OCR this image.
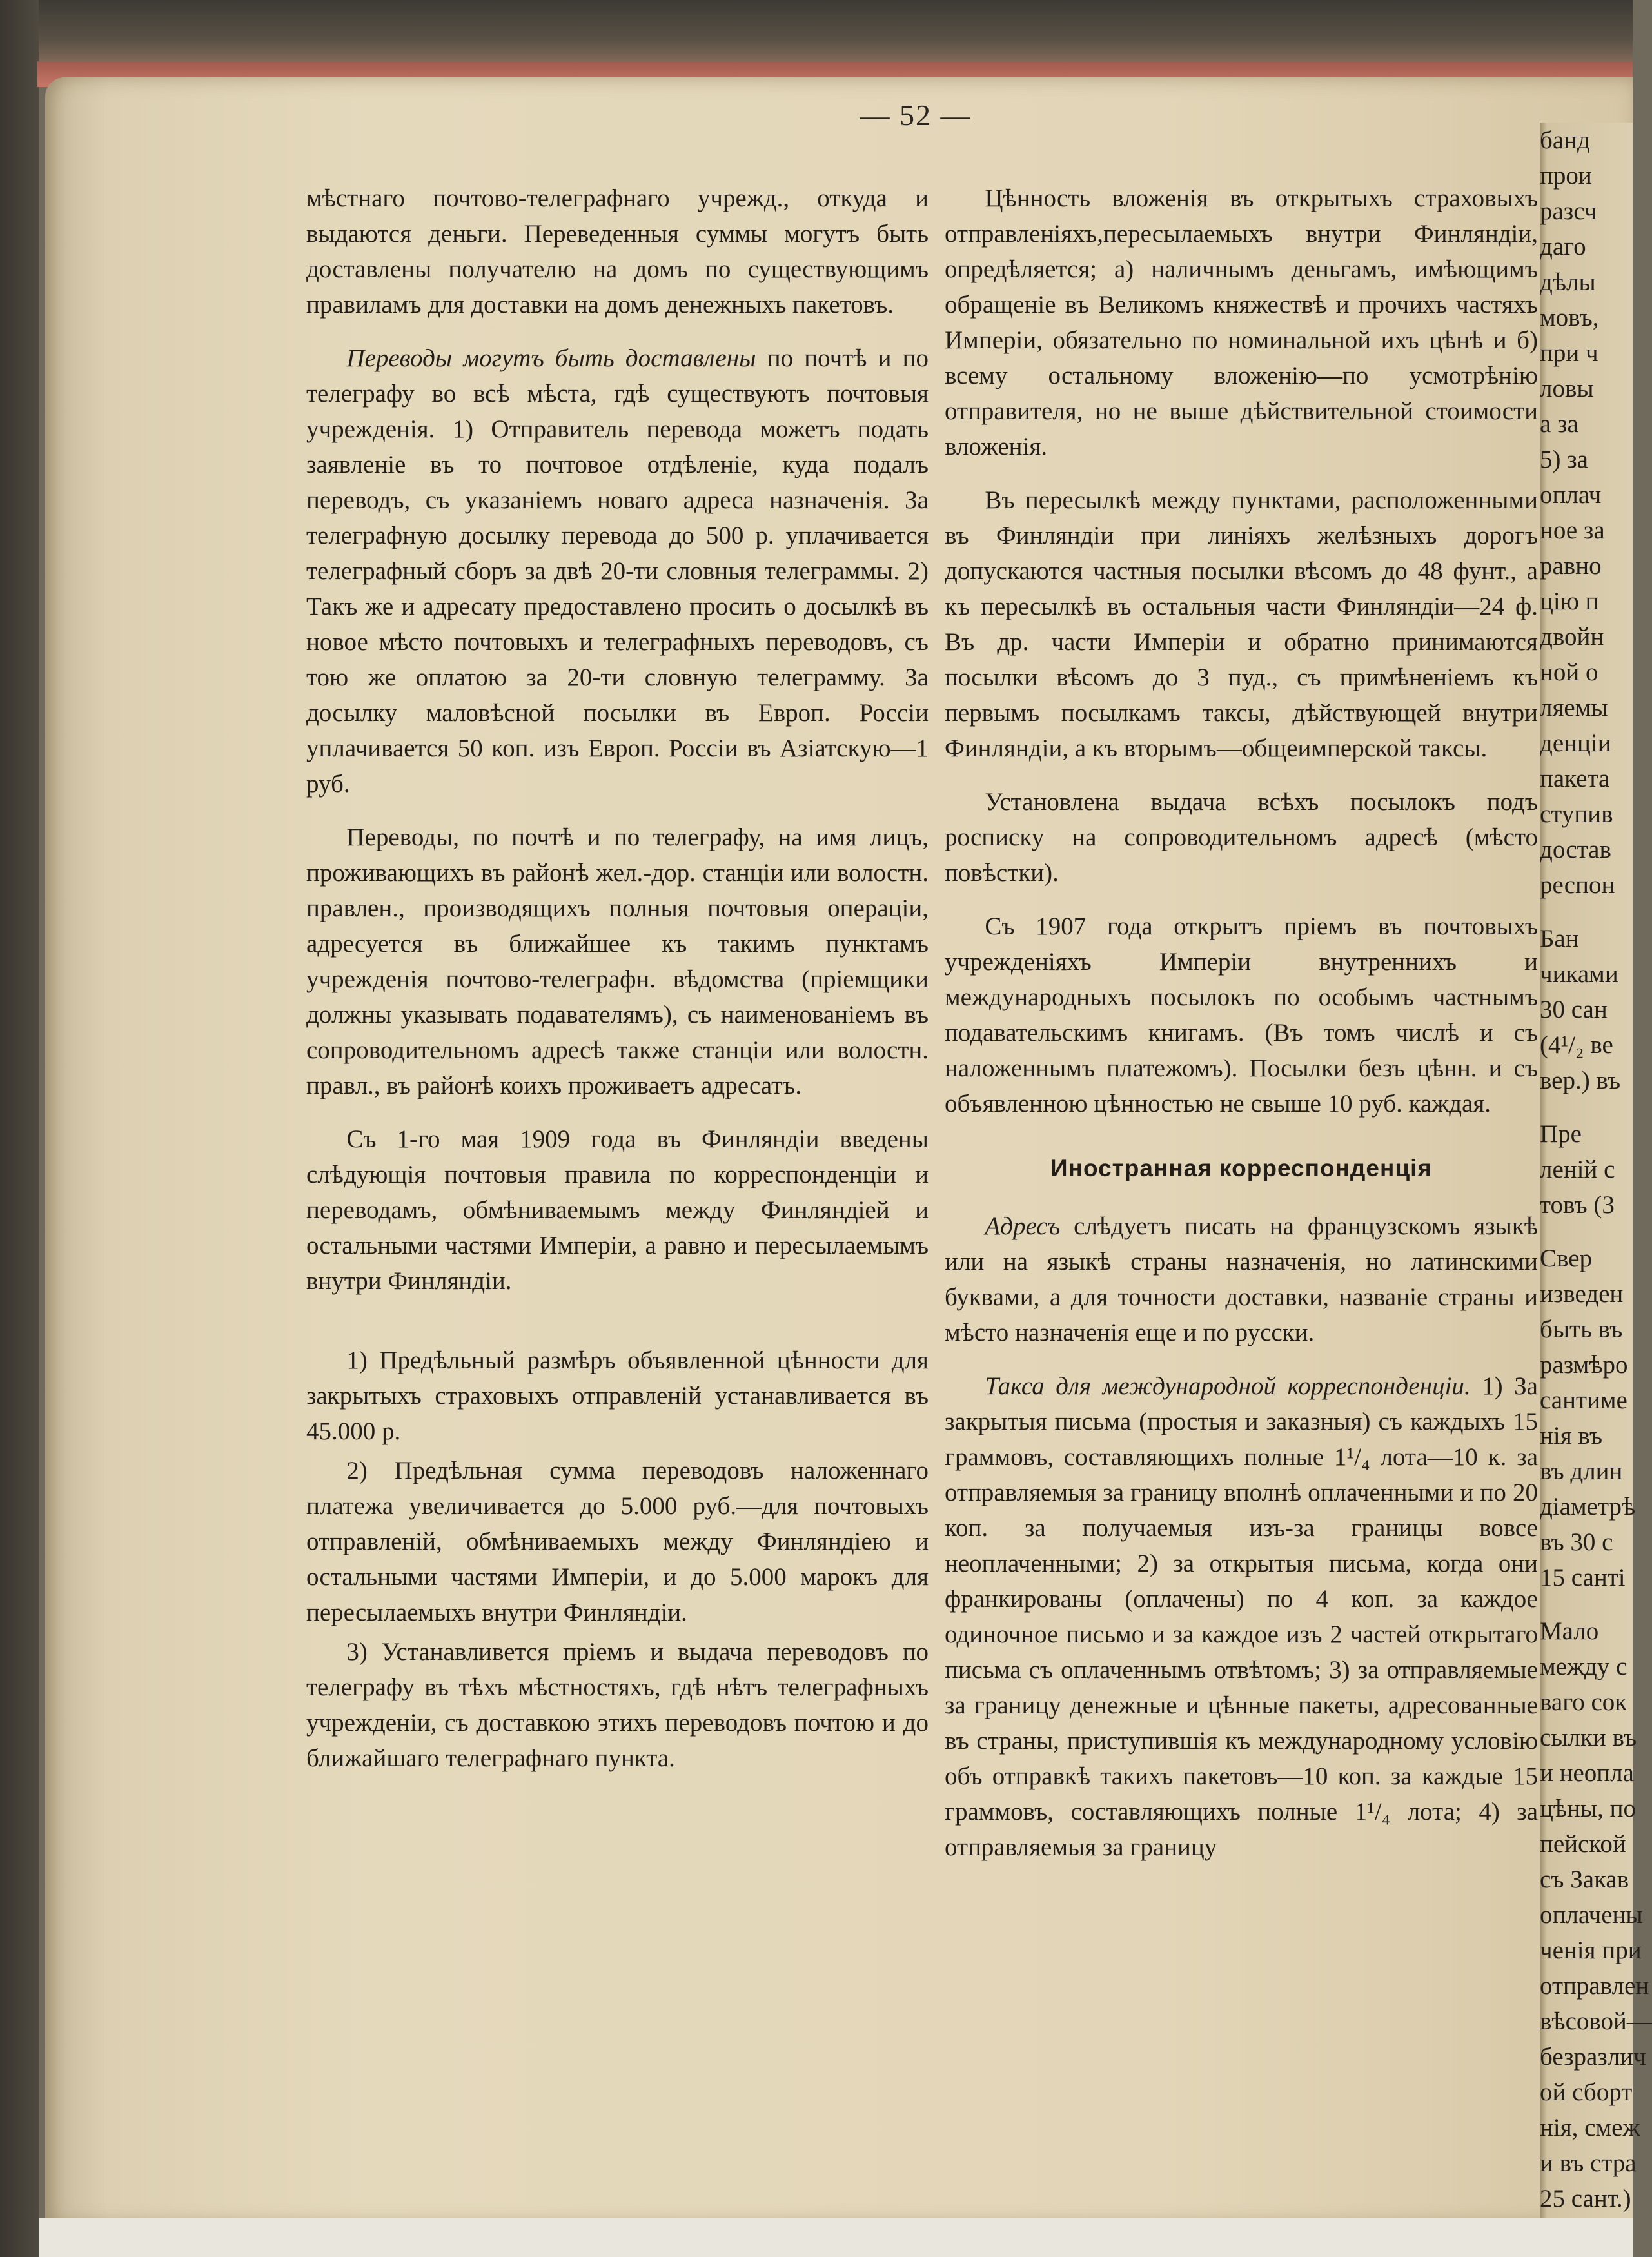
— 52 —

мѣстнаго почтово-телеграфнаго учрежд., откуда и выдаются деньги. Переведенныя суммы могутъ быть доставлены получателю на домъ по существующимъ правиламъ для доставки на домъ денежныхъ пакетовъ.

Переводы могутъ быть доставлены по почтѣ и по телеграфу во всѣ мѣста, гдѣ существуютъ почтовыя учрежденія. 1) Отправитель перевода можетъ подать заявленіе въ то почтовое отдѣленіе, куда подалъ переводъ, съ указаніемъ новаго адреса назначенія. За телеграфную досылку перевода до 500 р. уплачивается телеграфный сборъ за двѣ 20-ти словныя телеграммы. 2) Такъ же и адресату предоставлено просить о досылкѣ въ новое мѣсто почтовыхъ и телеграфныхъ переводовъ, съ тою же оплатою за 20-ти словную телеграмму. За досылку маловѣсной посылки въ Европ. Россіи уплачивается 50 коп. изъ Европ. Россіи въ Азіатскую—1 руб.

Переводы, по почтѣ и по телеграфу, на имя лицъ, проживающихъ въ районѣ жел.-дор. станціи или волостн. правлен., производящихъ полныя почтовыя операціи, адресуется въ ближайшее къ такимъ пунктамъ учрежденія почтово-телеграфн. вѣдомства (пріемщики должны указывать подавателямъ), съ наименованіемъ въ сопроводительномъ адресѣ также станціи или волостн. правл., въ районѣ коихъ проживаетъ адресатъ.

Съ 1-го мая 1909 года въ Финляндіи введены слѣдующія почтовыя правила по корреспонденціи и переводамъ, обмѣниваемымъ между Финляндіей и остальными частями Имперіи, а равно и пересылаемымъ внутри Финляндіи.

1) Предѣльный размѣръ объявленной цѣнности для закрытыхъ страховыхъ отправленій устанавливается въ 45.000 р.

2) Предѣльная сумма переводовъ наложеннаго платежа увеличивается до 5.000 руб.—для почтовыхъ отправленій, обмѣниваемыхъ между Финляндіею и остальными частями Имперіи, и до 5.000 марокъ для пересылаемыхъ внутри Финляндіи.

3) Устанавливется пріемъ и выдача переводовъ по телеграфу въ тѣхъ мѣстностяхъ, гдѣ нѣтъ телеграфныхъ учрежденіи, съ доставкою этихъ переводовъ почтою и до ближайшаго телеграфнаго пункта.

Цѣнность вложенія въ открытыхъ страховыхъ отправленіяхъ,пересылаемыхъ внутри Финляндіи, опредѣляется; а) наличнымъ деньгамъ, имѣющимъ обращеніе въ Великомъ княжествѣ и прочихъ частяхъ Имперіи, обязательно по номинальной ихъ цѣнѣ и б) всему остальному вложенію—по усмотрѣнію отправителя, но не выше дѣйствительной стоимости вложенія.

Въ пересылкѣ между пунктами, расположенными въ Финляндіи при линіяхъ желѣзныхъ дорогъ допускаются частныя посылки вѣсомъ до 48 фунт., а къ пересылкѣ въ остальныя части Финляндіи—24 ф. Въ др. части Имперіи и обратно принимаются посылки вѣсомъ до 3 пуд., съ примѣненіемъ къ первымъ посылкамъ таксы, дѣйствующей внутри Финляндіи, а къ вторымъ—общеимперской таксы.

Установлена выдача всѣхъ посылокъ подъ росписку на сопроводительномъ адресѣ (мѣсто повѣстки).

Съ 1907 года открытъ пріемъ въ почтовыхъ учрежденіяхъ Имперіи внутреннихъ и международныхъ посылокъ по особымъ частнымъ подавательскимъ книгамъ. (Въ томъ числѣ и съ наложеннымъ платежомъ). Посылки безъ цѣнн. и съ объявленною цѣнностью не свыше 10 руб. каждая.

Иностранная корреспонденція

Адресъ слѣдуетъ писать на французскомъ языкѣ или на языкѣ страны назначенія, но латинскими буквами, а для точности доставки, названіе страны и мѣсто назначенія еще и по русски.

Такса для международной корреспонденціи. 1) За закрытыя письма (простыя и заказныя) съ каждыхъ 15 граммовъ, составляющихъ полные 1¹/₄ лота—10 к. за отправляемыя за границу вполнѣ оплаченными и по 20 коп. за получаемыя изъ-за границы вовсе неоплаченными; 2) за открытыя письма, когда они франкированы (оплачены) по 4 коп. за каждое одиночное письмо и за каждое изъ 2 частей открытаго письма съ оплаченнымъ отвѣтомъ; 3) за отправляемые за границу денежные и цѣнные пакеты, адресованные въ страны, приступившія къ международному условію объ отправкѣ такихъ пакетовъ—10 коп. за каждые 15 граммовъ, составляющихъ полные 1¹/₄ лота; 4) за отправляемыя за границу

банд
прои
разсч
даго
дѣлы
мовъ,
при ч
ловы
а за
5) за
оплач
ное за
равно
цію п
двойн
ной о
ляемы
денціи
пакета
ступив
достав
респон
Бан
чиками
30 сан
(4¹/₂ ве
вер.) въ
Пре
леній с
товъ (3
Свер
изведен
быть въ
размѣро
сантиме
нія въ
въ длин
діаметрѣ
въ 30 с
15 санті
Мало
между с
ваго сок
сылки въ
и неопла
цѣны, по
пейской
съ Закав
оплачены
ченія при
отправлен
вѣсовой—
безразлич
ой сборт
нія, смеж
и въ стра
25 сант.)
